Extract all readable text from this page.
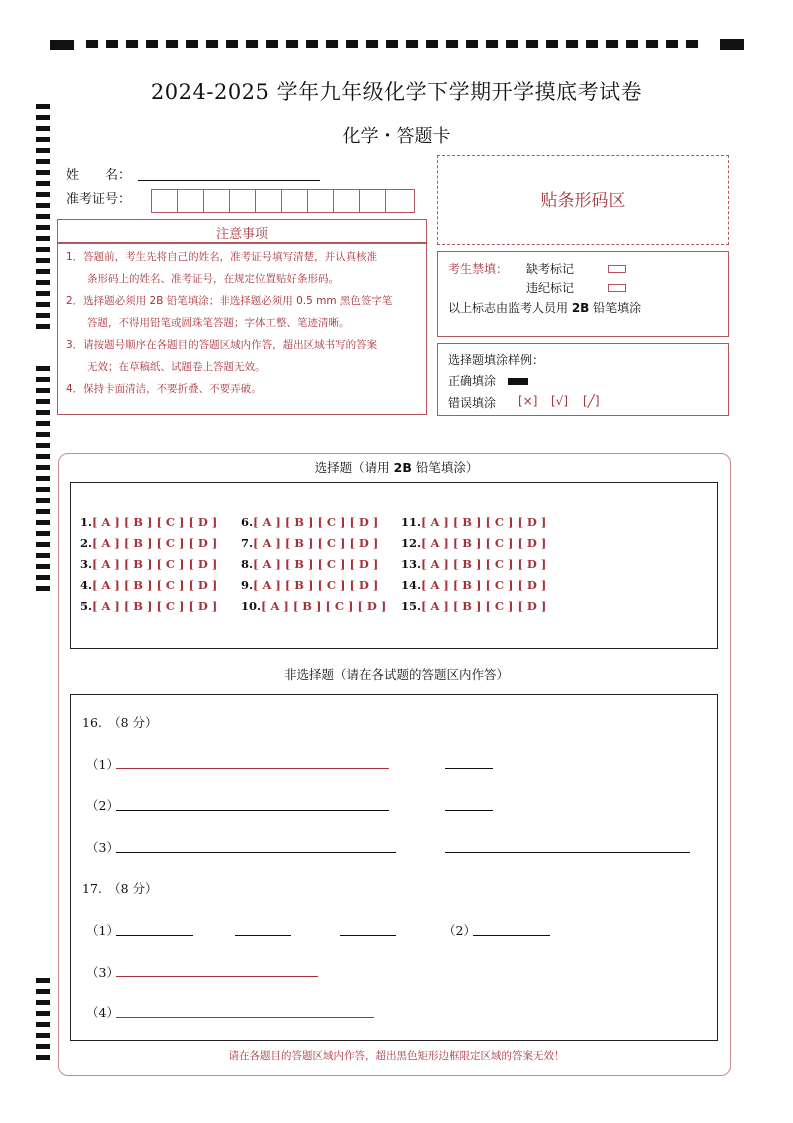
2024-2025 学年九年级化学下学期开学摸底考试卷
化学・答题卡
姓　　名：
准考证号：	贴条形码区
注意事项
1．答题前，考生先将自己的姓名，准考证号填写清楚，并认真核准
　　条形码上的姓名、准考证号，在规定位置贴好条形码。
2．选择题必须用 2B 铅笔填涂；非选择题必须用 0.5 mm 黑色签字笔
　　答题，不得用铅笔或圆珠笔答题；字体工整、笔迹清晰。
3．请按题号顺序在各题目的答题区域内作答，超出区域书写的答案
　　无效；在草稿纸、试题卷上答题无效。
4．保持卡面清洁，不要折叠、不要弄破。
考生禁填： 缺考标记
违纪标记
以上标志由监考人员用 2B 铅笔填涂
选择题填涂样例：
正确填涂
错误填涂 [×] [√] [╱]
选择题（请用 2B 铅笔填涂）
1.[ A ] [ B ] [ C ] [ D ]
2.[ A ] [ B ] [ C ] [ D ]
3.[ A ] [ B ] [ C ] [ D ]
4.[ A ] [ B ] [ C ] [ D ]
5.[ A ] [ B ] [ C ] [ D ]
6.[ A ] [ B ] [ C ] [ D ]
7.[ A ] [ B ] [ C ] [ D ]
8.[ A ] [ B ] [ C ] [ D ]
9.[ A ] [ B ] [ C ] [ D ]
10.[ A ] [ B ] [ C ] [ D ]
11.[ A ] [ B ] [ C ] [ D ]
12.[ A ] [ B ] [ C ] [ D ]
13.[ A ] [ B ] [ C ] [ D ]
14.[ A ] [ B ] [ C ] [ D ]
15.[ A ] [ B ] [ C ] [ D ]
非选择题（请在各试题的答题区内作答）
16.　（8 分）
（1）
（2）
（3）
17.　（8 分）
（1）	（2）
（3）
（4）
请在各题目的答题区域内作答，超出黑色矩形边框限定区域的答案无效！
